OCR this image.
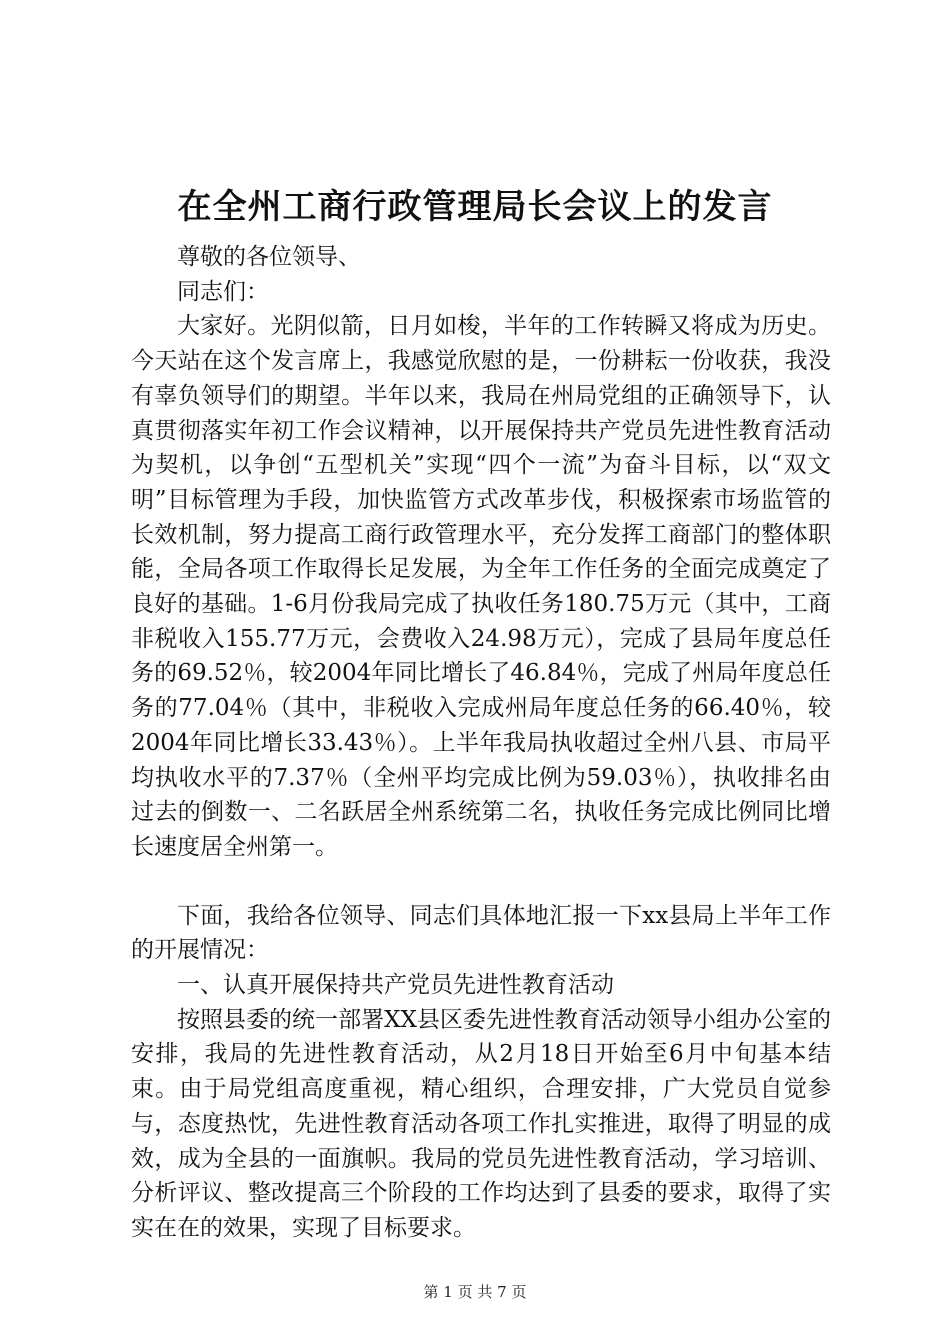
在全州工商行政管理局长会议上的发言

尊敬的各位领导、

同志们：

大家好。光阴似箭，日月如梭，半年的工作转瞬又将成为历史。今天站在这个发言席上，我感觉欣慰的是，一份耕耘一份收获，我没有辜负领导们的期望。半年以来，我局在州局党组的正确领导下，认真贯彻落实年初工作会议精神，以开展保持共产党员先进性教育活动为契机，以争创“五型机关”实现“四个一流”为奋斗目标，以“双文明”目标管理为手段，加快监管方式改革步伐，积极探索市场监管的长效机制，努力提高工商行政管理水平，充分发挥工商部门的整体职能，全局各项工作取得长足发展，为全年工作任务的全面完成奠定了良好的基础。1-6月份我局完成了执收任务180.75万元（其中，工商非税收入155.77万元，会费收入24.98万元），完成了县局年度总任务的69.52％，较2004年同比增长了46.84％，完成了州局年度总任务的77.04％（其中，非税收入完成州局年度总任务的66.40％，较2004年同比增长33.43％）。上半年我局执收超过全州八县、市局平均执收水平的7.37％（全州平均完成比例为59.03％），执收排名由过去的倒数一、二名跃居全州系统第二名，执收任务完成比例同比增长速度居全州第一。

下面，我给各位领导、同志们具体地汇报一下xx县局上半年工作的开展情况：

一、认真开展保持共产党员先进性教育活动

按照县委的统一部署XX县区委先进性教育活动领导小组办公室的安排，我局的先进性教育活动，从2月18日开始至6月中旬基本结束。由于局党组高度重视，精心组织，合理安排，广大党员自觉参与，态度热忱，先进性教育活动各项工作扎实推进，取得了明显的成效，成为全县的一面旗帜。我局的党员先进性教育活动，学习培训、分析评议、整改提高三个阶段的工作均达到了县委的要求，取得了实实在在的效果，实现了目标要求。

第 1 页 共 7 页
